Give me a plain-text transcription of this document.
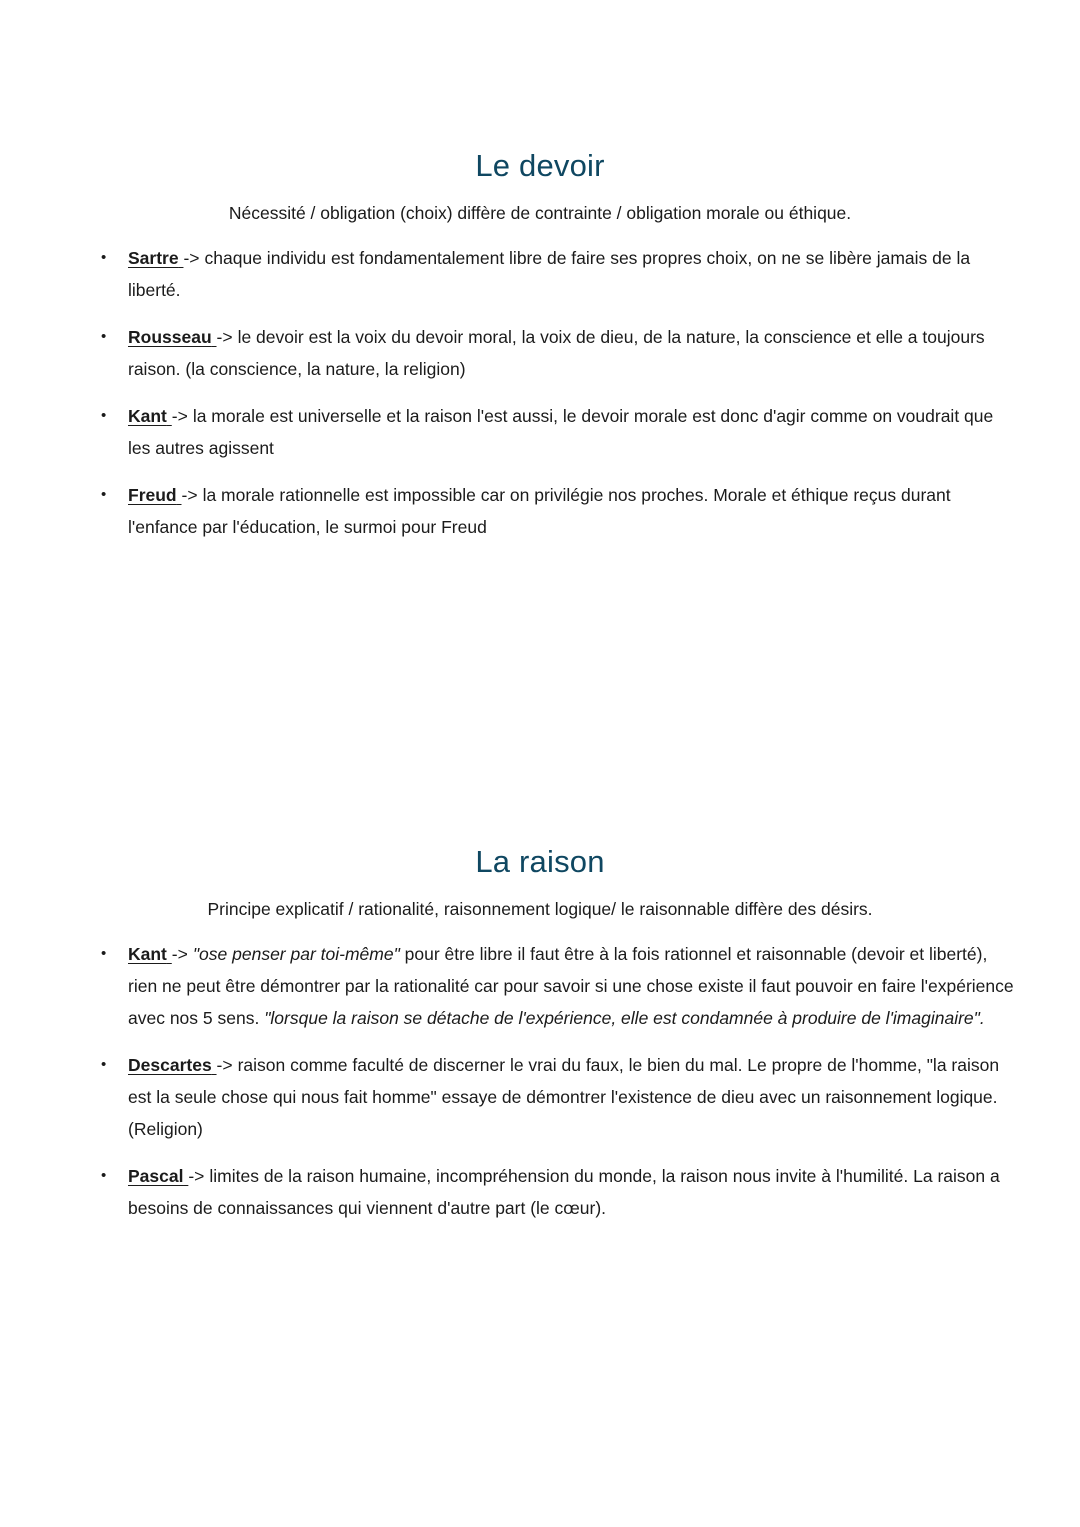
Le devoir

Nécessité / obligation (choix) diffère de contrainte / obligation morale ou éthique.

• Sartre -> chaque individu est fondamentalement libre de faire ses propres choix, on ne se libère jamais de la liberté.
• Rousseau -> le devoir est la voix du devoir moral, la voix de dieu, de la nature, la conscience et elle a toujours raison. (la conscience, la nature, la religion)
• Kant -> la morale est universelle et la raison l'est aussi, le devoir morale est donc d'agir comme on voudrait que les autres agissent
• Freud -> la morale rationnelle est impossible car on privilégie nos proches. Morale et éthique reçus durant l'enfance par l'éducation, le surmoi pour Freud
La raison

Principe explicatif / rationalité, raisonnement logique/ le raisonnable diffère des désirs.

• Kant -> "ose penser par toi-même" pour être libre il faut être à la fois rationnel et raisonnable (devoir et liberté), rien ne peut être démontrer par la rationalité car pour savoir si une chose existe il faut pouvoir en faire l'expérience avec nos 5 sens. "lorsque la raison se détache de l'expérience, elle est condamnée à produire de l'imaginaire".
• Descartes -> raison comme faculté de discerner le vrai du faux, le bien du mal. Le propre de l'homme, "la raison est la seule chose qui nous fait homme" essaye de démontrer l'existence de dieu avec un raisonnement logique. (Religion)
• Pascal -> limites de la raison humaine, incompréhension du monde, la raison nous invite à l'humilité. La raison a besoins de connaissances qui viennent d'autre part (le cœur).
